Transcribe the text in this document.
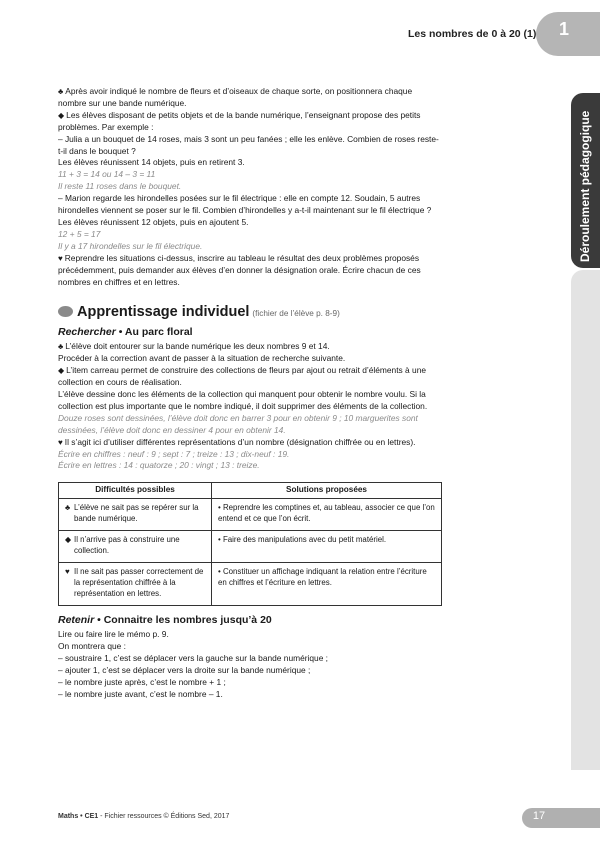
Les nombres de 0 à 20 (1)	1
Déroulement pédagogique

♣ Après avoir indiqué le nombre de fleurs et d’oiseaux de chaque sorte, on positionnera chaque nombre sur une bande numérique.

◆ Les élèves disposant de petits objets et de la bande numérique, l’enseignant propose des petits problèmes. Par exemple :

– Julia a un bouquet de 14 roses, mais 3 sont un peu fanées ; elle les enlève. Combien de roses reste-t-il dans le bouquet ?

Les élèves réunissent 14 objets, puis en retirent 3.

11 + 3 = 14 ou 14 – 3 = 11

Il reste 11 roses dans le bouquet.

– Marion regarde les hirondelles posées sur le fil électrique : elle en compte 12. Soudain, 5 autres hirondelles viennent se poser sur le fil. Combien d’hirondelles y a-t-il maintenant sur le fil électrique ?

Les élèves réunissent 12 objets, puis en ajoutent 5.

12 + 5 = 17

Il y a 17 hirondelles sur le fil électrique.

♥ Reprendre les situations ci-dessus, inscrire au tableau le résultat des deux problèmes proposés précédemment, puis demander aux élèves d’en donner la désignation orale. Écrire chacun de ces nombres en chiffres et en lettres.

Apprentissage individuel (fichier de l’élève p. 8-9)
Rechercher • Au parc floral

♣ L’élève doit entourer sur la bande numérique les deux nombres 9 et 14.

Procéder à la correction avant de passer à la situation de recherche suivante.

◆ L’item carreau permet de construire des collections de fleurs par ajout ou retrait d’éléments à une collection en cours de réalisation.

L’élève dessine donc les éléments de la collection qui manquent pour obtenir le nombre voulu. Si la collection est plus importante que le nombre indiqué, il doit supprimer des éléments de la collection.

Douze roses sont dessinées, l’élève doit donc en barrer 3 pour en obtenir 9 ; 10 marguerites sont dessinées, l’élève doit donc en dessiner 4 pour en obtenir 14.

♥ Il s’agit ici d’utiliser différentes représentations d’un nombre (désignation chiffrée ou en lettres).

Écrire en chiffres : neuf : 9 ; sept : 7 ; treize : 13 ; dix-neuf : 19.

Écrire en lettres : 14 : quatorze ; 20 : vingt ; 13 : treize.

Difficultés possibles	Solutions proposées

♣ L’élève ne sait pas se repérer sur la bande numérique.	• Reprendre les comptines et, au tableau, associer ce que l’on entend et ce que l’on écrit.

◆ Il n’arrive pas à construire une collection.	• Faire des manipulations avec du petit matériel.

♥ Il ne sait pas passer correctement de la représentation chiffrée à la représentation en lettres.	• Constituer un affichage indiquant la relation entre l’écriture en chiffres et l’écriture en lettres.
Retenir • Connaitre les nombres jusqu’à 20

Lire ou faire lire le mémo p. 9.

On montrera que :

– soustraire 1, c’est se déplacer vers la gauche sur la bande numérique ;

– ajouter 1, c’est se déplacer vers la droite sur la bande numérique ;

– le nombre juste après, c’est le nombre + 1 ;

– le nombre juste avant, c’est le nombre – 1.

Maths • CE1 - Fichier ressources © Éditions Sed, 2017	17
